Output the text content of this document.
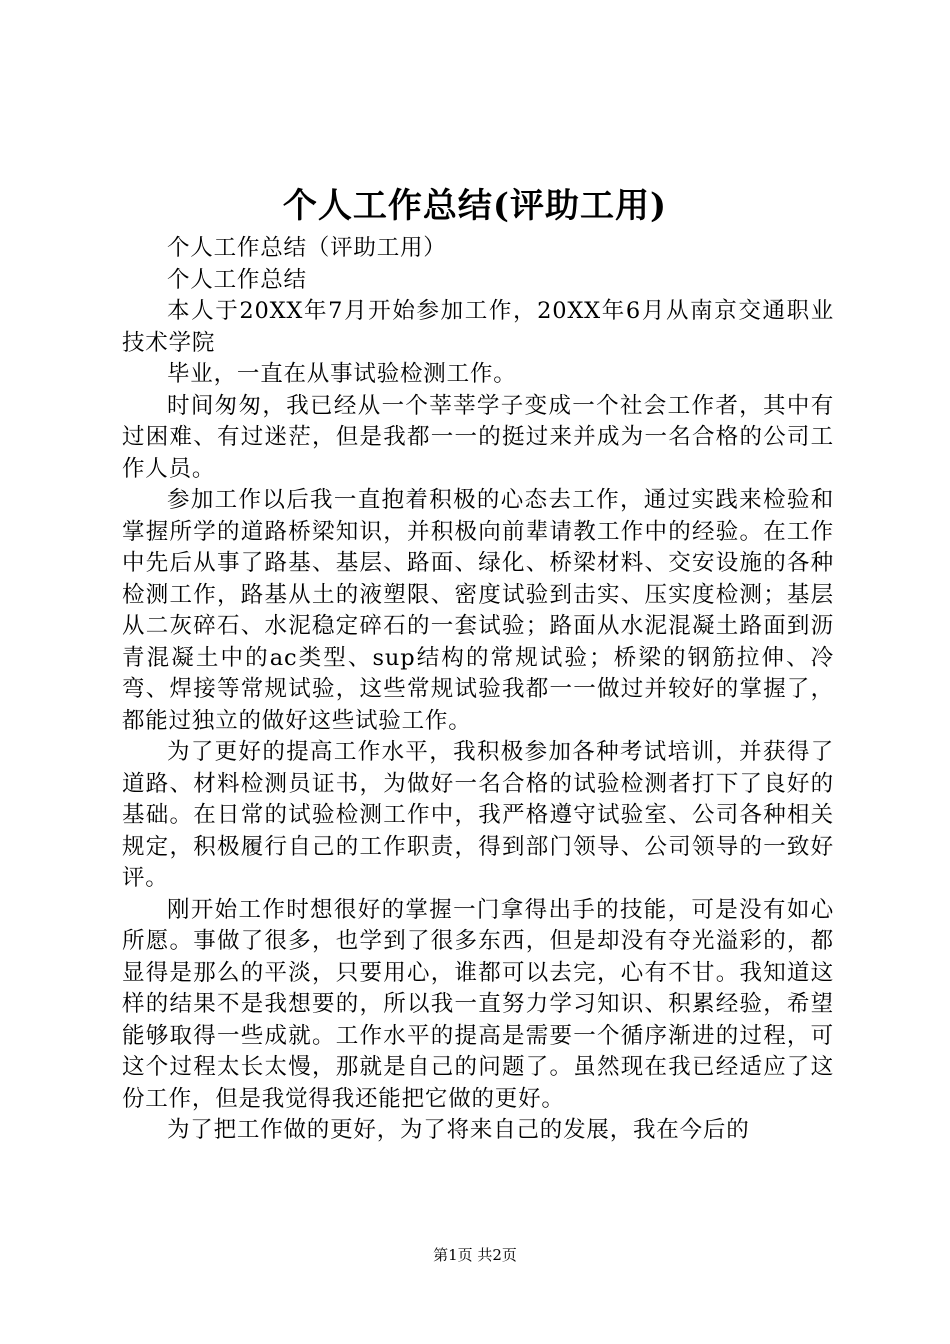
个人工作总结(评助工用)

个人工作总结（评助工用）

个人工作总结

本人于20XX年7月开始参加工作，20XX年6月从南京交通职业技术学院

毕业，一直在从事试验检测工作。

时间匆匆，我已经从一个莘莘学子变成一个社会工作者，其中有过困难、有过迷茫，但是我都一一的挺过来并成为一名合格的公司工作人员。

参加工作以后我一直抱着积极的心态去工作，通过实践来检验和掌握所学的道路桥梁知识，并积极向前辈请教工作中的经验。在工作中先后从事了路基、基层、路面、绿化、桥梁材料、交安设施的各种检测工作，路基从土的液塑限、密度试验到击实、压实度检测；基层从二灰碎石、水泥稳定碎石的一套试验；路面从水泥混凝土路面到沥青混凝土中的ac类型、sup结构的常规试验；桥梁的钢筋拉伸、冷弯、焊接等常规试验，这些常规试验我都一一做过并较好的掌握了，都能过独立的做好这些试验工作。

为了更好的提高工作水平，我积极参加各种考试培训，并获得了道路、材料检测员证书，为做好一名合格的试验检测者打下了良好的基础。在日常的试验检测工作中，我严格遵守试验室、公司各种相关规定，积极履行自己的工作职责，得到部门领导、公司领导的一致好评。

刚开始工作时想很好的掌握一门拿得出手的技能，可是没有如心所愿。事做了很多，也学到了很多东西，但是却没有夺光溢彩的，都显得是那么的平淡，只要用心，谁都可以去完，心有不甘。我知道这样的结果不是我想要的，所以我一直努力学习知识、积累经验，希望能够取得一些成就。工作水平的提高是需要一个循序渐进的过程，可这个过程太长太慢，那就是自己的问题了。虽然现在我已经适应了这份工作，但是我觉得我还能把它做的更好。

为了把工作做的更好，为了将来自己的发展，我在今后的

第1页 共2页
